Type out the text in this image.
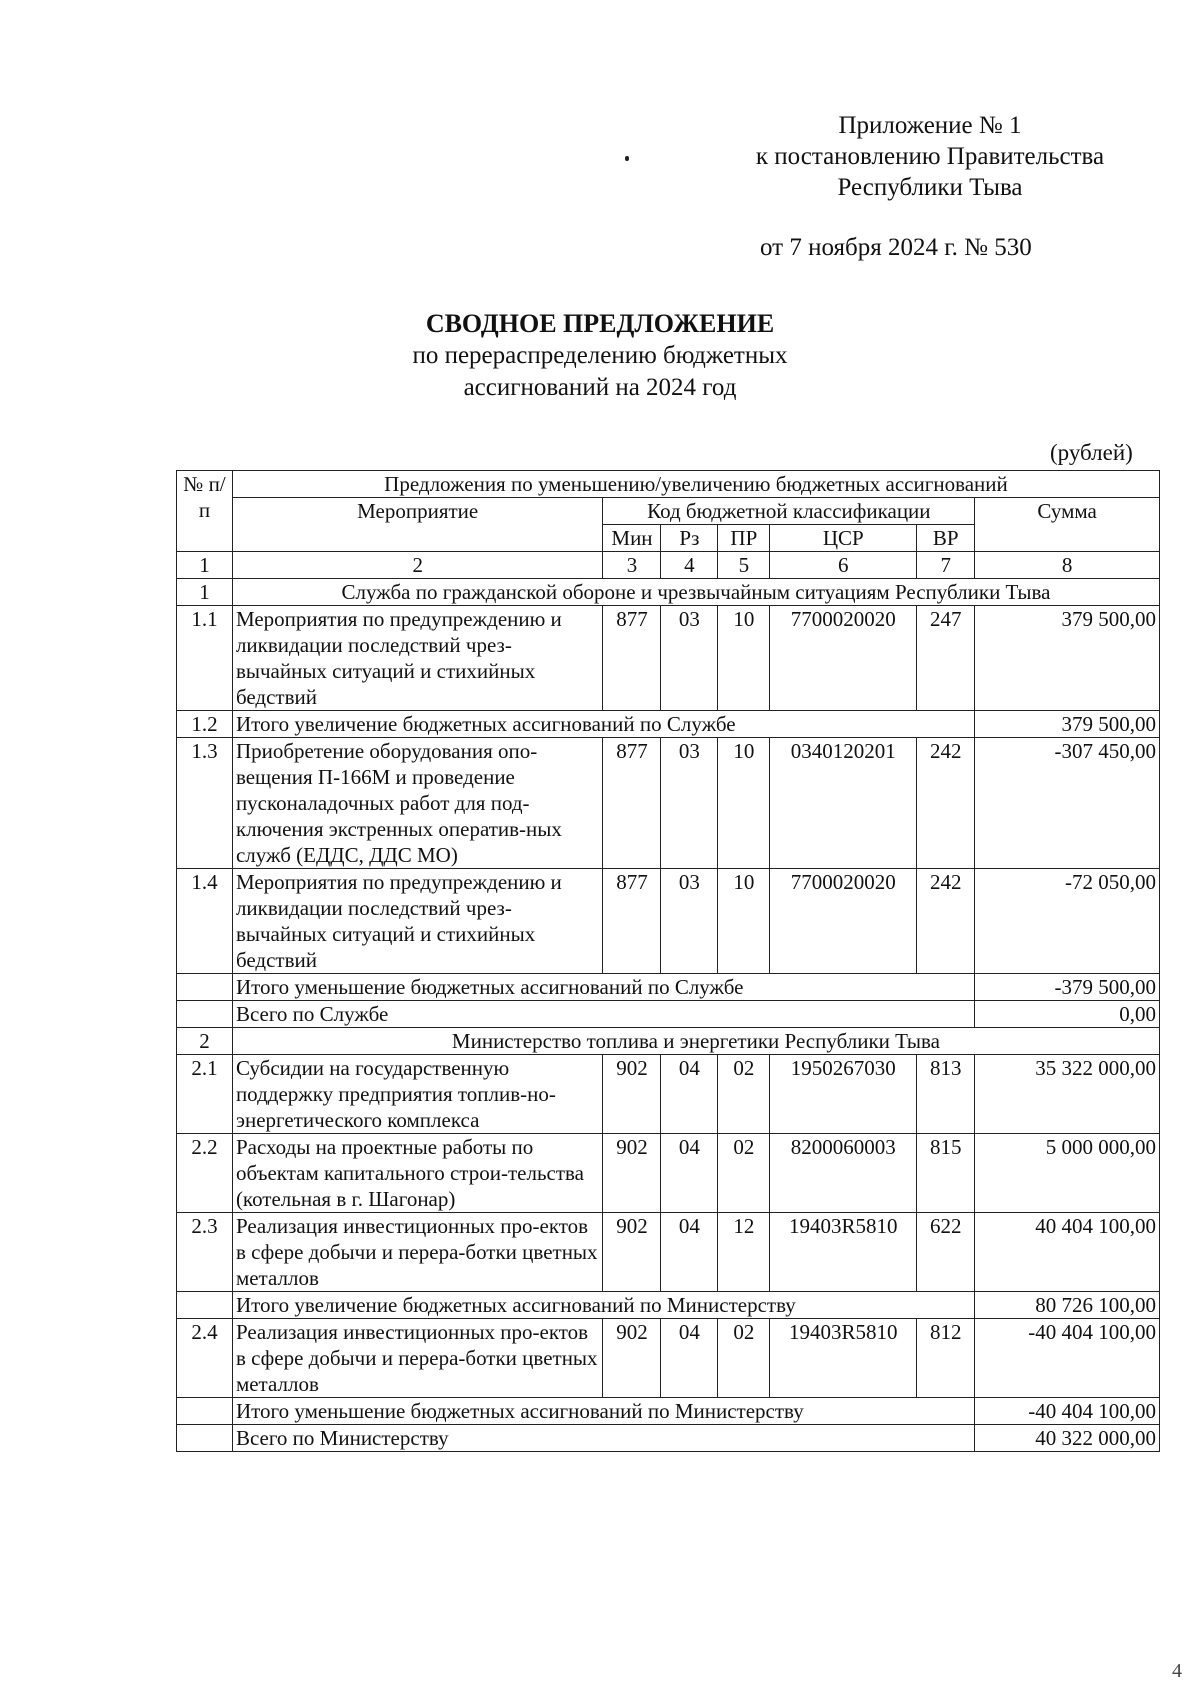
Приложение № 1
к постановлению Правительства
Республики Тыва
от 7 ноября 2024 г. № 530
СВОДНОЕ ПРЕДЛОЖЕНИЕ
по перераспределению бюджетных
ассигнований на 2024 год
(рублей)
№ п/п	Предложения по уменьшению/увеличению бюджетных ассигнований						
	Мероприятие	Код бюджетной классификации					Сумма
		Мин	Рз	ПР	ЦСР	ВР	
1	2	3	4	5	6	7	8
1	Служба по гражданской обороне и чрезвычайным ситуациям Республики Тыва						
1.1	Мероприятия по предупреждению и ликвидации последствий чрез-вычайных ситуаций и стихийных бедствий	877	03	10	7700020020	247	379 500,00
1.2	Итого увеличение бюджетных ассигнований по Службе						379 500,00
1.3	Приобретение оборудования опо-вещения П-166М и проведение пусконаладочных работ для под-ключения экстренных оператив-ных служб (ЕДДС, ДДС МО)	877	03	10	0340120201	242	-307 450,00
1.4	Мероприятия по предупреждению и ликвидации последствий чрез-вычайных ситуаций и стихийных бедствий	877	03	10	7700020020	242	-72 050,00
	Итого уменьшение бюджетных ассигнований по Службе						-379 500,00
	Всего по Службе						0,00
2	Министерство топлива и энергетики Республики Тыва						
2.1	Субсидии на государственную поддержку предприятия топлив-но-энергетического комплекса	902	04	02	1950267030	813	35 322 000,00
2.2	Расходы на проектные работы по объектам капитального строи-тельства (котельная в г. Шагонар)	902	04	02	8200060003	815	5 000 000,00
2.3	Реализация инвестиционных про-ектов в сфере добычи и перера-ботки цветных металлов	902	04	12	19403R5810	622	40 404 100,00
	Итого увеличение бюджетных ассигнований по Министерству						80 726 100,00
2.4	Реализация инвестиционных про-ектов в сфере добычи и перера-ботки цветных металлов	902	04	02	19403R5810	812	-40 404 100,00
	Итого уменьшение бюджетных ассигнований по Министерству						-40 404 100,00
	Всего по Министерству						40 322 000,00
4
